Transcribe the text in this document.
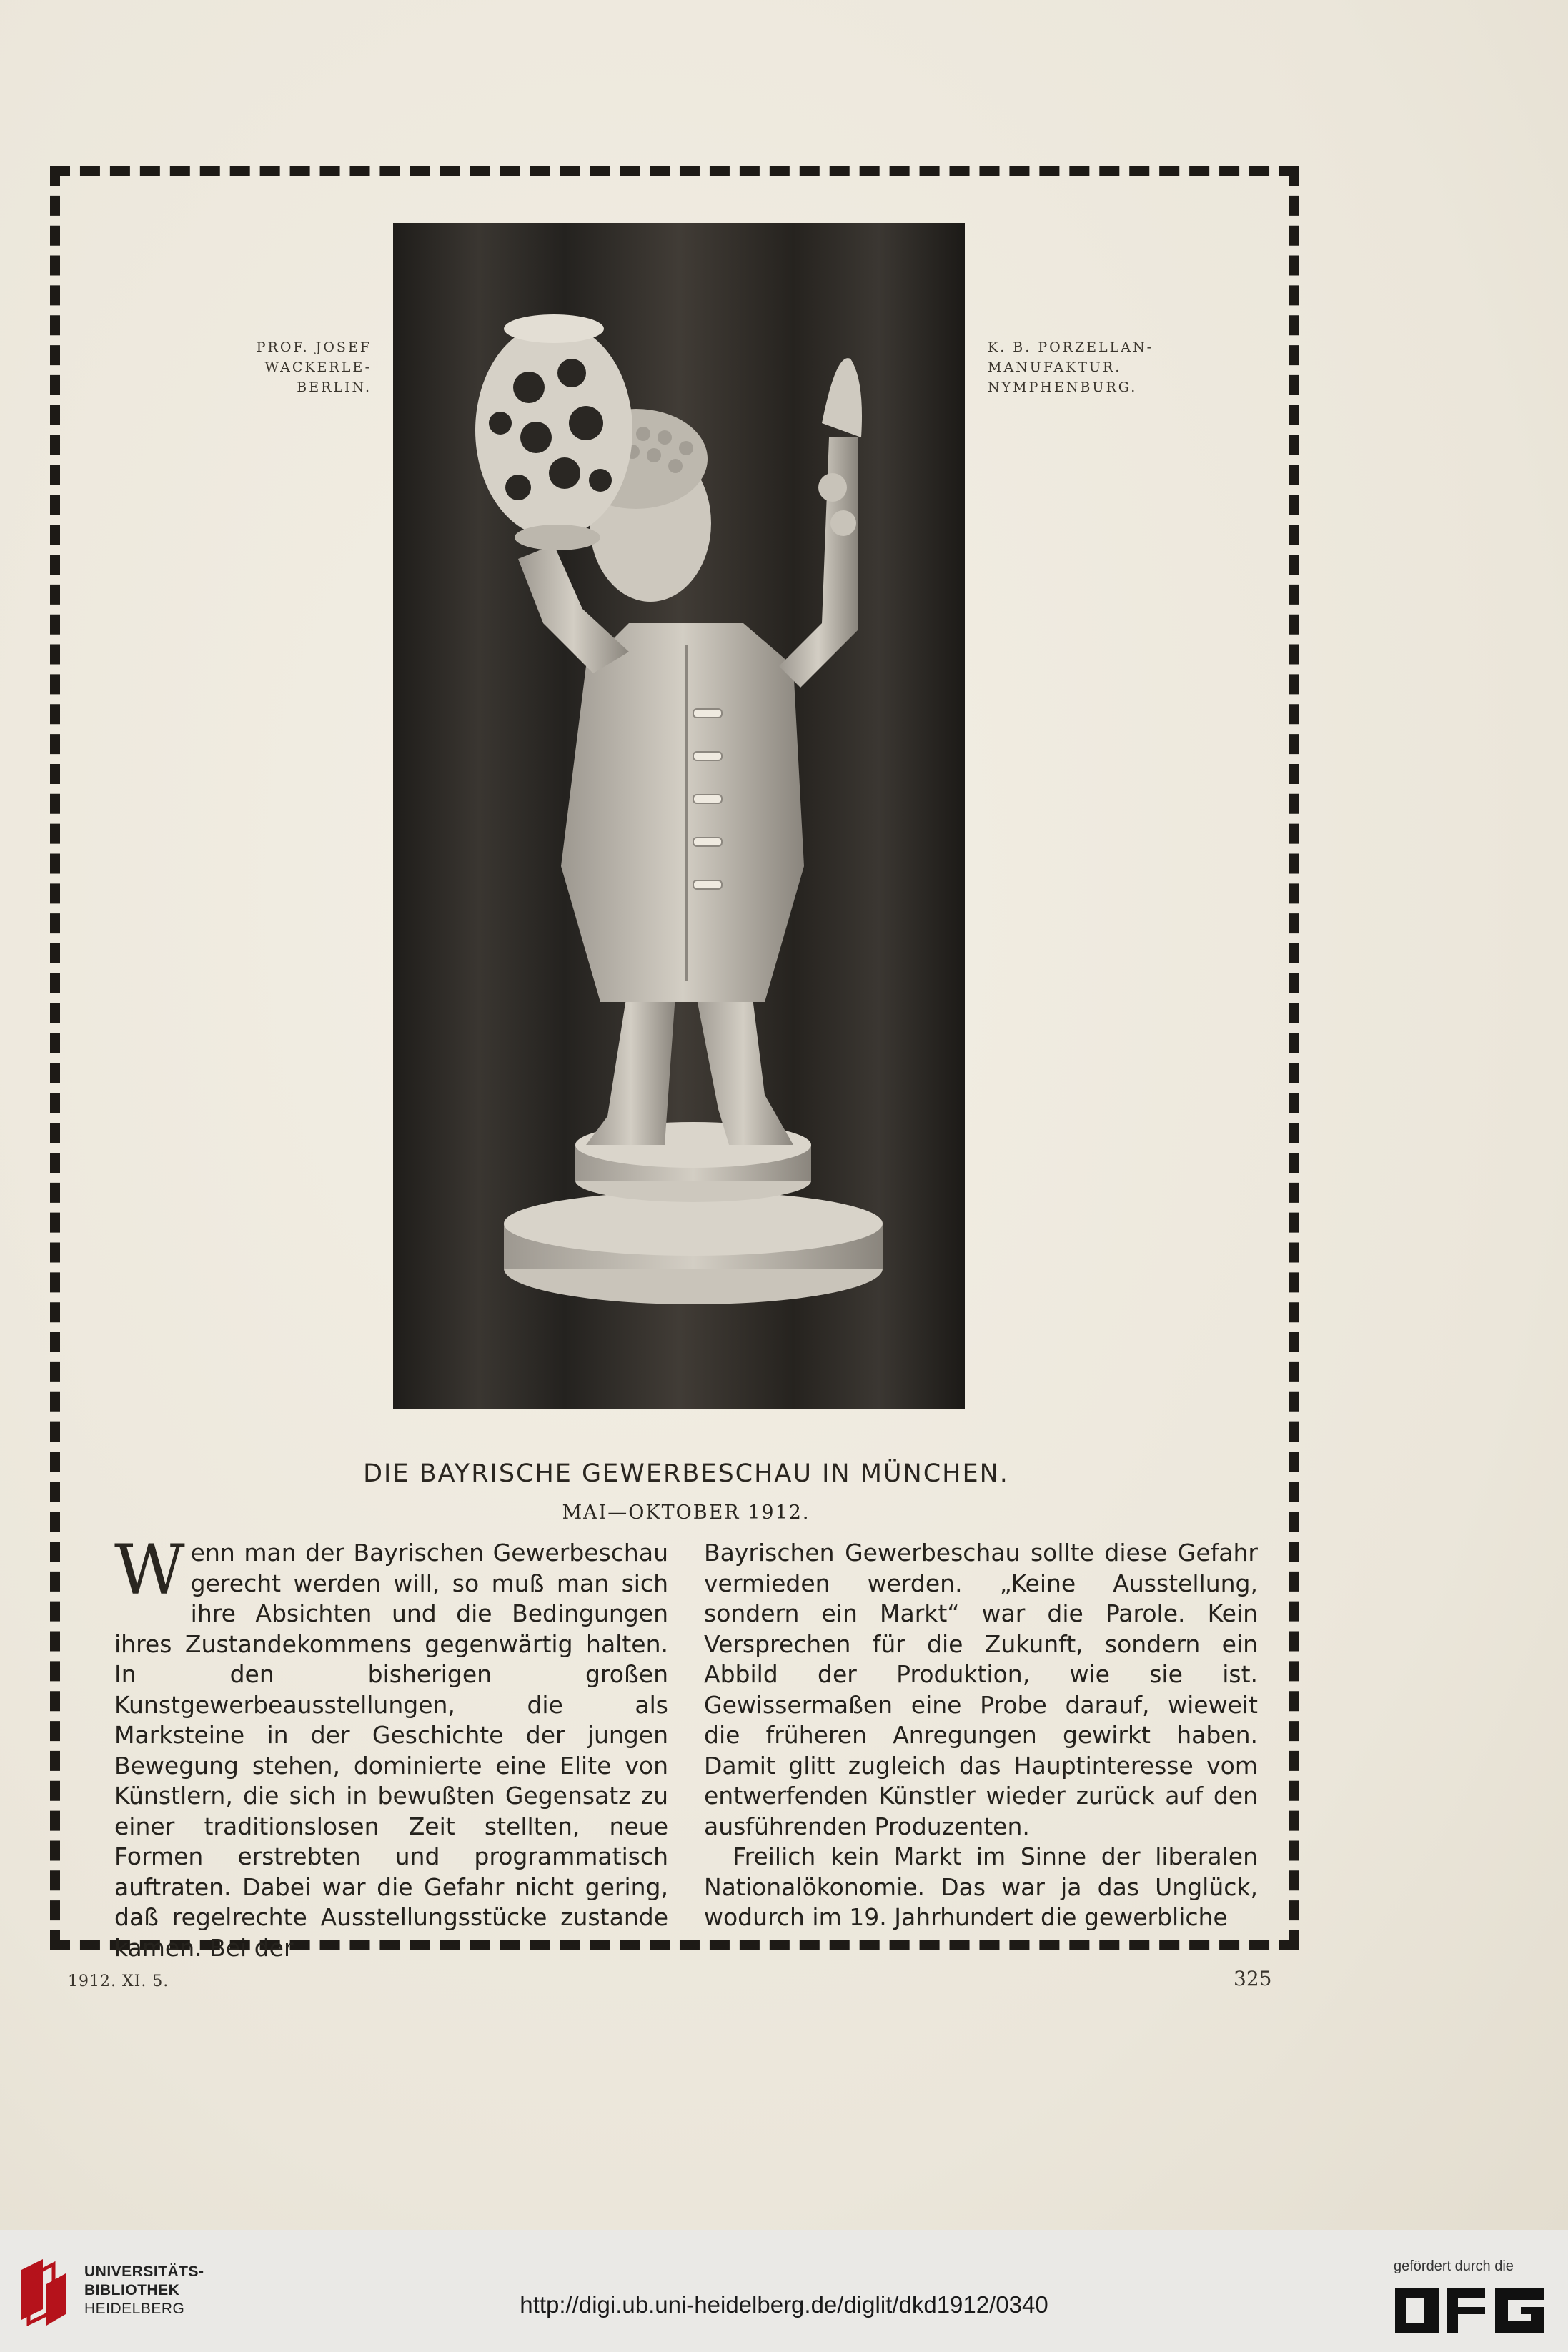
PROF. JOSEF
WACKERLE-
BERLIN.
K. B. PORZELLAN-
MANUFAKTUR.
NYMPHENBURG.
DIE BAYRISCHE GEWERBESCHAU IN MÜNCHEN.
MAI—OKTOBER 1912.

Wenn man der Bayrischen Gewerbeschau gerecht werden will, so muß man sich ihre Absichten und die Bedingungen ihres Zustandekommens gegenwärtig halten. In den bisherigen großen Kunstgewerbeausstellungen, die als Marksteine in der Geschichte der jungen Bewegung stehen, dominierte eine Elite von Künstlern, die sich in bewußten Gegensatz zu einer traditionslosen Zeit stellten, neue Formen erstrebten und programmatisch auftraten. Dabei war die Gefahr nicht gering, daß regelrechte Ausstellungsstücke zustande kamen. Bei der

Bayrischen Gewerbeschau sollte diese Gefahr vermieden werden. „Keine Ausstellung, sondern ein Markt“ war die Parole. Kein Versprechen für die Zukunft, sondern ein Abbild der Produktion, wie sie ist. Gewissermaßen eine Probe darauf, wieweit die früheren Anregungen gewirkt haben. Damit glitt zugleich das Hauptinteresse vom entwerfenden Künstler wieder zurück auf den ausführenden Produzenten.

Freilich kein Markt im Sinne der liberalen Nationalökonomie. Das war ja das Unglück, wodurch im 19. Jahrhundert die gewerbliche

1912. XI. 5.	325
UNIVERSITÄTS-
BIBLIOTHEK
HEIDELBERG	http://digi.ub.uni-heidelberg.de/diglit/dkd1912/0340
gefördert durch die
